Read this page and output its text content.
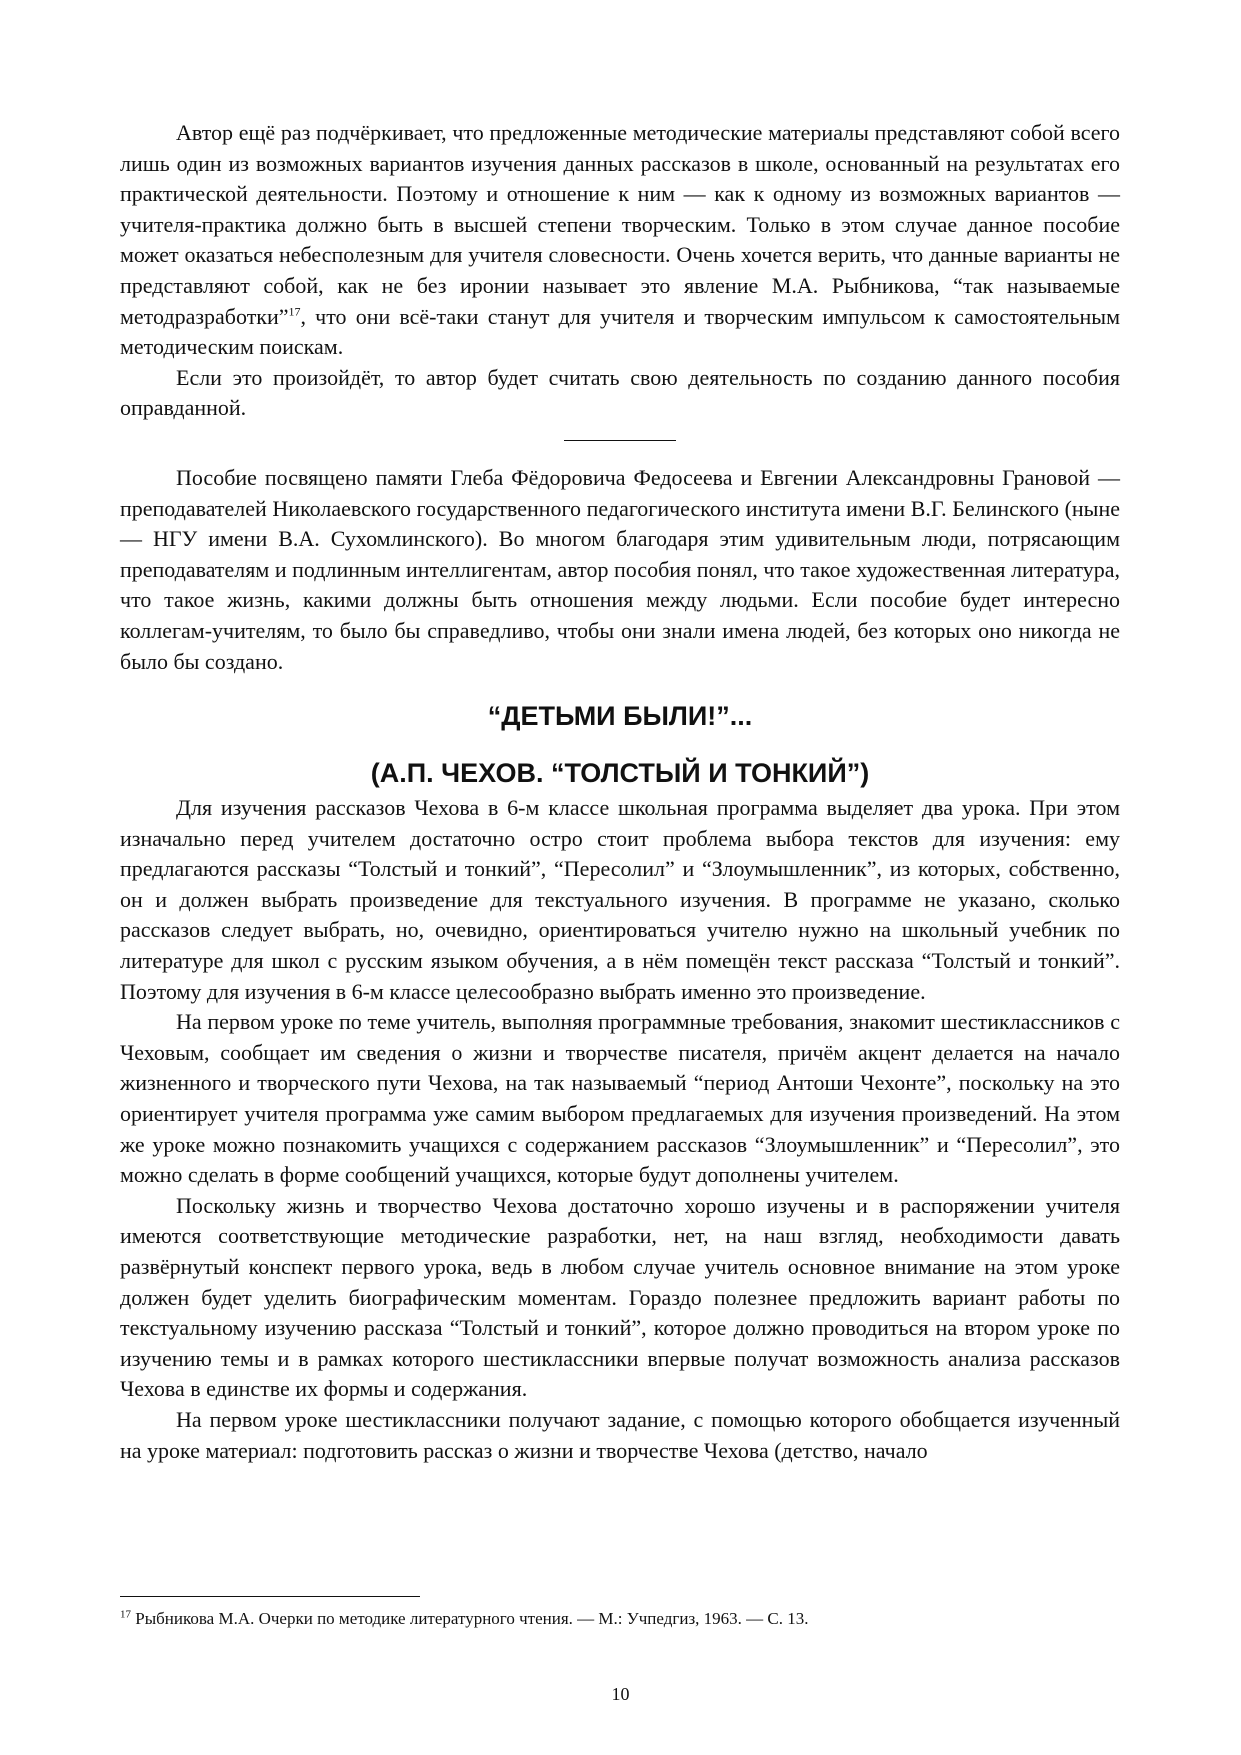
Автор ещё раз подчёркивает, что предложенные методические материалы представляют собой всего лишь один из возможных вариантов изучения данных рассказов в школе, основанный на результатах его практической деятельности. Поэтому и отношение к ним — как к одному из возможных вариантов — учителя-практика должно быть в высшей степени творческим. Только в этом случае данное пособие может оказаться небесполезным для учителя словесности. Очень хочется верить, что данные варианты не представляют собой, как не без иронии называет это явление М.А. Рыбникова, “так называемые методразработки”$^{17}$, что они всё-таки станут для учителя и творческим импульсом к самостоятельным методическим поискам.

Если это произойдёт, то автор будет считать свою деятельность по созданию данного пособия оправданной.

Пособие посвящено памяти Глеба Фёдоровича Федосеева и Евгении Александровны Грановой — преподавателей Николаевского государственного педагогического института имени В.Г. Белинского (ныне — НГУ имени В.А. Сухомлинского). Во многом благодаря этим удивительным люди, потрясающим преподавателям и подлинным интеллигентам, автор пособия понял, что такое художественная литература, что такое жизнь, какими должны быть отношения между людьми. Если пособие будет интересно коллегам-учителям, то было бы справедливо, чтобы они знали имена людей, без которых оно никогда не было бы создано.

“ДЕТЬМИ БЫЛИ!”...
(А.П. ЧЕХОВ. “ТОЛСТЫЙ И ТОНКИЙ”)

Для изучения рассказов Чехова в 6-м классе школьная программа выделяет два урока. При этом изначально перед учителем достаточно остро стоит проблема выбора текстов для изучения: ему предлагаются рассказы “Толстый и тонкий”, “Пересолил” и “Злоумышленник”, из которых, собственно, он и должен выбрать произведение для текстуального изучения. В программе не указано, сколько рассказов следует выбрать, но, очевидно, ориентироваться учителю нужно на школьный учебник по литературе для школ с русским языком обучения, а в нём помещён текст рассказа “Толстый и тонкий”. Поэтому для изучения в 6-м классе целесообразно выбрать именно это произведение.

На первом уроке по теме учитель, выполняя программные требования, знакомит шестиклассников с Чеховым, сообщает им сведения о жизни и творчестве писателя, причём акцент делается на начало жизненного и творческого пути Чехова, на так называемый “период Антоши Чехонте”, поскольку на это ориентирует учителя программа уже самим выбором предлагаемых для изучения произведений. На этом же уроке можно познакомить учащихся с содержанием рассказов “Злоумышленник” и “Пересолил”, это можно сделать в форме сообщений учащихся, которые будут дополнены учителем.

Поскольку жизнь и творчество Чехова достаточно хорошо изучены и в распоряжении учителя имеются соответствующие методические разработки, нет, на наш взгляд, необходимости давать развёрнутый конспект первого урока, ведь в любом случае учитель основное внимание на этом уроке должен будет уделить биографическим моментам. Гораздо полезнее предложить вариант работы по текстуальному изучению рассказа “Толстый и тонкий”, которое должно проводиться на втором уроке по изучению темы и в рамках которого шестиклассники впервые получат возможность анализа рассказов Чехова в единстве их формы и содержания.

На первом уроке шестиклассники получают задание, с помощью которого обобщается изученный на уроке материал: подготовить рассказ о жизни и творчестве Чехова (детство, начало

$^{17}$ Рыбникова М.А. Очерки по методике литературного чтения. — М.: Учпедгиз, 1963. — С. 13.
10
